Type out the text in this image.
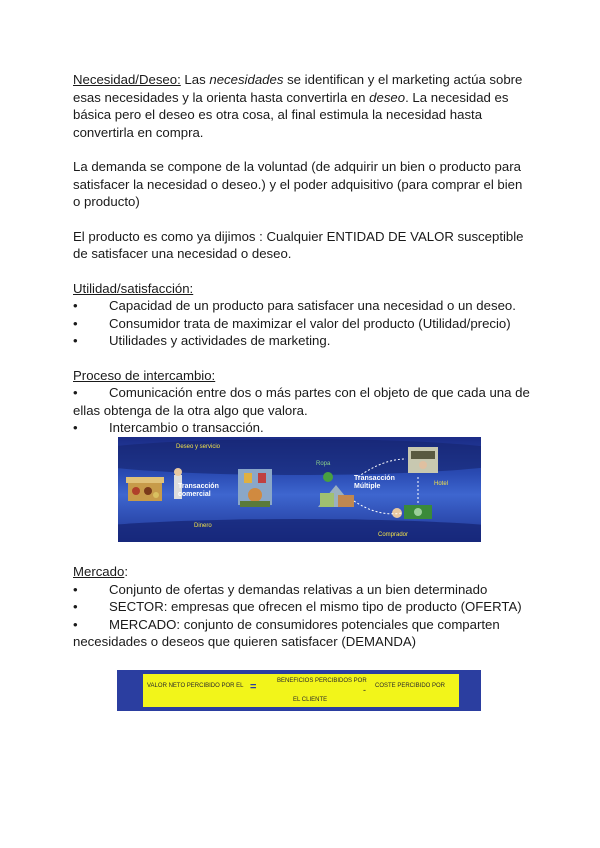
Necesidad/Deseo: Las necesidades se identifican y el marketing actúa sobre esas necesidades y la orienta hasta convertirla en deseo. La necesidad es básica pero el deseo es otra cosa, al final estimula la necesidad hasta convertirla en compra.

La demanda se compone de la voluntad (de adquirir un bien o producto para satisfacer la necesidad o deseo.) y el poder adquisitivo (para comprar el bien o producto)

El producto es como ya dijimos : Cualquier ENTIDAD DE VALOR susceptible de satisfacer una necesidad o deseo.

Utilidad/satisfacción:

•	Capacidad de un producto para satisfacer una necesidad o un deseo.
•	Consumidor trata de maximizar el valor del producto (Utilidad/precio)
•	Utilidades y actividades de marketing.

Proceso de intercambio:

• Comunicación entre dos o más partes con el objeto de que cada una de ellas obtenga de la otra algo que valora.

•	Intercambio o transacción.
Deseo y servicio
Transacción comercial
Dinero
Ropa
Transacción Múltiple	Hotel
Comprador

Mercado:

•	Conjunto de ofertas y demandas relativas a un bien determinado
•	SECTOR: empresas que ofrecen el mismo tipo de producto (OFERTA)

• MERCADO: conjunto de consumidores potenciales que comparten necesidades o deseos que quieren satisfacer (DEMANDA)

VALOR NETO PERCIBIDO POR EL =	BENEFICIOS PERCIBIDOS POR
EL CLIENTE
- COSTE PERCIBIDO POR
